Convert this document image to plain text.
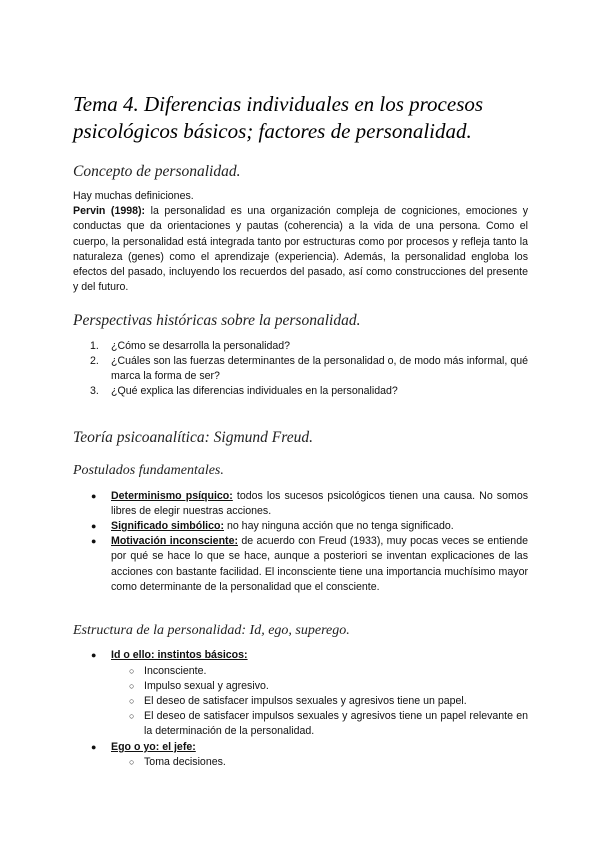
Tema 4. Diferencias individuales en los procesos psicológicos básicos; factores de personalidad.
Concepto de personalidad.
Hay muchas definiciones.
Pervin (1998): la personalidad es una organización compleja de cogniciones, emociones y conductas que da orientaciones y pautas (coherencia) a la vida de una persona. Como el cuerpo, la personalidad está integrada tanto por estructuras como por procesos y refleja tanto la naturaleza (genes) como el aprendizaje (experiencia). Además, la personalidad engloba los efectos del pasado, incluyendo los recuerdos del pasado, así como construcciones del presente y del futuro.
Perspectivas históricas sobre la personalidad.
1. ¿Cómo se desarrolla la personalidad?
2. ¿Cuáles son las fuerzas determinantes de la personalidad o, de modo más informal, qué marca la forma de ser?
3. ¿Qué explica las diferencias individuales en la personalidad?
Teoría psicoanalítica: Sigmund Freud.
Postulados fundamentales.
● Determinismo psíquico: todos los sucesos psicológicos tienen una causa. No somos libres de elegir nuestras acciones.
● Significado simbólico: no hay ninguna acción que no tenga significado.
● Motivación inconsciente: de acuerdo con Freud (1933), muy pocas veces se entiende por qué se hace lo que se hace, aunque a posteriori se inventan explicaciones de las acciones con bastante facilidad. El inconsciente tiene una importancia muchísimo mayor como determinante de la personalidad que el consciente.
Estructura de la personalidad: Id, ego, superego.
● Id o ello: instintos básicos:
○ Inconsciente.
○ Impulso sexual y agresivo.
○ El deseo de satisfacer impulsos sexuales y agresivos tiene un papel.
○ El deseo de satisfacer impulsos sexuales y agresivos tiene un papel relevante en la determinación de la personalidad.
● Ego o yo: el jefe:
○ Toma decisiones.
